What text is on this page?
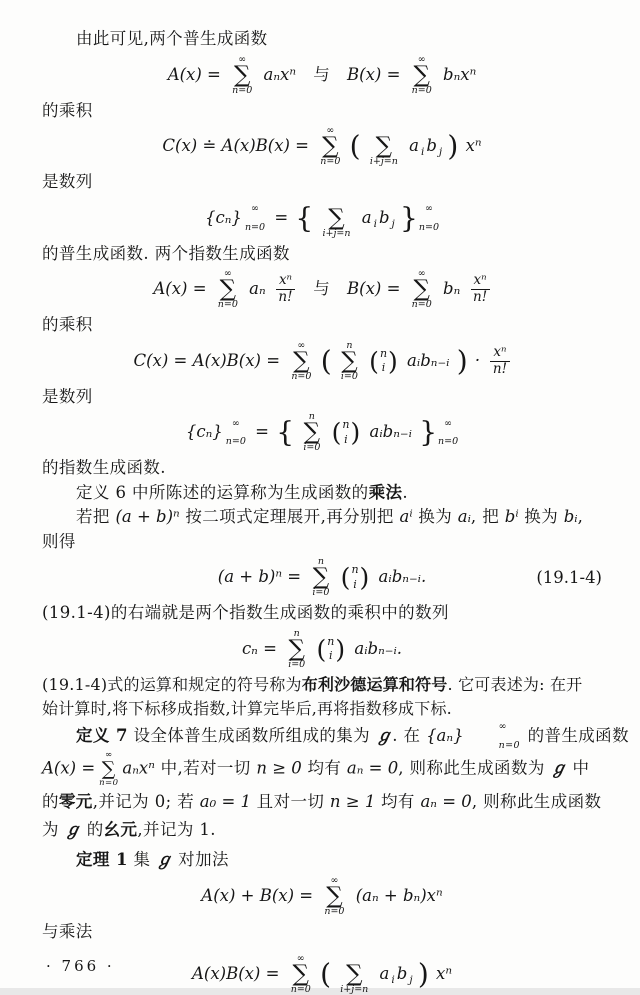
由此可见,两个普生成函数

A(x) =
∞
∑
n=0
aₙxⁿ 与 B(x) =
∞
∑
n=0
bₙxⁿ

的乘积

C(x) ≐ A(x)B(x) =
∞
∑
n=0 ( ∑
i+j=n
a $_i$ b $_j$ ) xⁿ

是数列

{cₙ} ∞
n=0
= { ∑
i+j=n
a $_i$ b $_j$ } ∞
n=0

的普生成函数. 两个指数生成函数

A(x) =
∞
∑
n=0
aₙ $\frac{\text{xⁿ}}{n!}$ 与 B(x) =
∞
∑
n=0
bₙ $\frac{\text{xⁿ}}{n!}$

的乘积

C(x) = A(x)B(x) =
∞
∑
n=0 ( n
∑
i=0

( n
i ) aᵢbₙ₋ᵢ ) · $\frac{\text{xⁿ}}{n!}$

是数列

{cₙ} ∞
n=0
= { n
∑
i=0

( n
i ) aᵢbₙ₋ᵢ } ∞
n=0

的指数生成函数.

定义 6 中所陈述的运算称为生成函数的乘法.

若把 (a + b)ⁿ 按二项式定理展开,再分别把 aⁱ 换为 aᵢ, 把 bⁱ 换为 bᵢ,

则得

(a + b)ⁿ =
n
∑
i=0

( n
i ) aᵢbₙ₋ᵢ.	(19.1-4)

(19.1-4)的右端就是两个指数生成函数的乘积中的数列

cₙ =
n
∑
i=0

( n
i ) aᵢbₙ₋ᵢ.

(19.1-4)式的运算和规定的符号称为布利沙德运算和符号. 它可表述为: 在开

始计算时,将下标移成指数,计算完毕后,再将指数移成下标.

定义 7 设全体普生成函数所组成的集为 ℊ. 在 {aₙ}	∞
n=0
的普生成函数

A(x) =
∞
∑
n=0
aₙxⁿ 中,若对一切 n ≥ 0 均有 aₙ = 0, 则称此生成函数为 ℊ 中

的零元,并记为 0; 若 a₀ = 1 且对一切 n ≥ 1 均有 aₙ = 0, 则称此生成函数

为 ℊ 的幺元,并记为 1.

定理 1 集 ℊ 对加法

A(x) + B(x) =
∞
∑
n=0
(aₙ + bₙ)xⁿ

与乘法

A(x)B(x) =
∞
∑
n=0 ( ∑
i+j=n
a $_i$ b $_j$ ) xⁿ
· 766 ·
